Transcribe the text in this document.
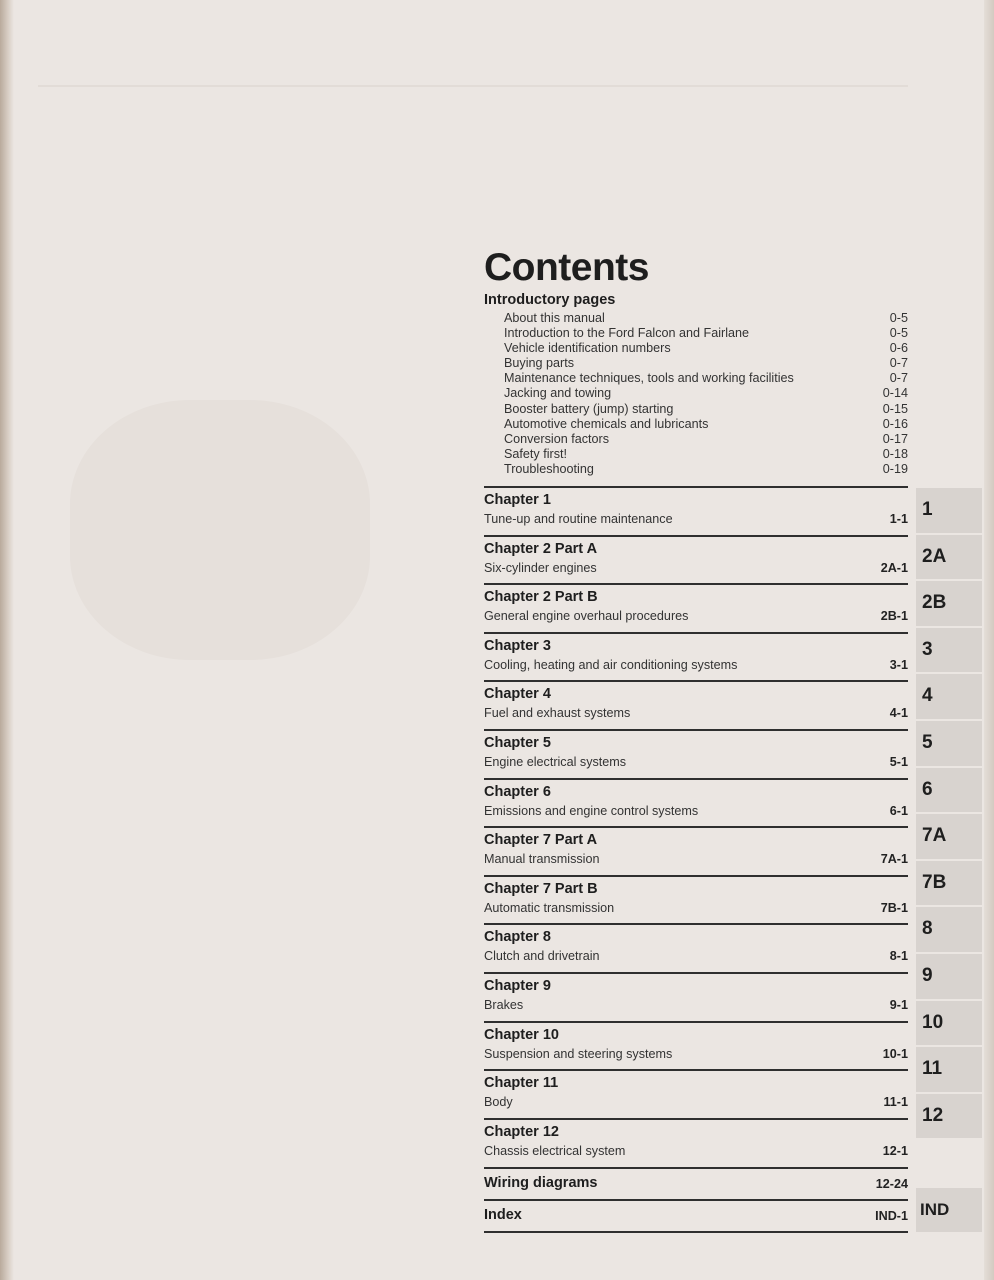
Contents
Introductory pages
About this manual	0-5
Introduction to the Ford Falcon and Fairlane	0-5
Vehicle identification numbers	0-6
Buying parts	0-7
Maintenance techniques, tools and working facilities	0-7
Jacking and towing	0-14
Booster battery (jump) starting	0-15
Automotive chemicals and lubricants	0-16
Conversion factors	0-17
Safety first!	0-18
Troubleshooting	0-19
Chapter 1
Tune-up and routine maintenance	1-1
Chapter 2 Part A
Six-cylinder engines	2A-1
Chapter 2 Part B
General engine overhaul procedures	2B-1
Chapter 3
Cooling, heating and air conditioning systems	3-1
Chapter 4
Fuel and exhaust systems	4-1
Chapter 5
Engine electrical systems	5-1
Chapter 6
Emissions and engine control systems	6-1
Chapter 7 Part A
Manual transmission	7A-1
Chapter 7 Part B
Automatic transmission	7B-1
Chapter 8
Clutch and drivetrain	8-1
Chapter 9
Brakes	9-1
Chapter 10
Suspension and steering systems	10-1
Chapter 11
Body	11-1
Chapter 12
Chassis electrical system	12-1
1
2A
2B
3
4
5
6
7A
7B
8
9
10
11
12
Wiring diagrams	12-24
Index	IND-1 IND
